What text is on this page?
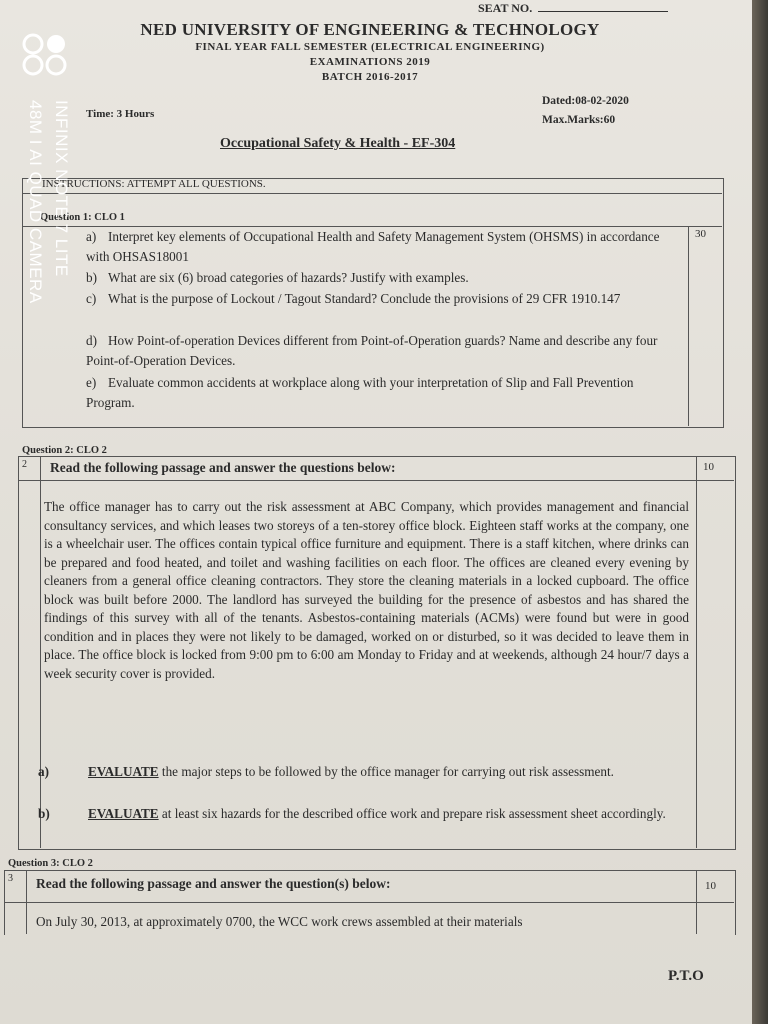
SEAT NO.
NED UNIVERSITY OF ENGINEERING & TECHNOLOGY
FINAL YEAR FALL SEMESTER (ELECTRICAL ENGINEERING)
EXAMINATIONS 2019
BATCH 2016-2017
Time: 3 Hours
Dated:08-02-2020
Max.Marks:60
Occupational Safety & Health - EF-304
INSTRUCTIONS: ATTEMPT ALL QUESTIONS.
Question 1: CLO 1
30
a) Interpret key elements of Occupational Health and Safety Management System (OHSMS) in accordance with OHSAS18001
b) What are six (6) broad categories of hazards? Justify with examples.
c) What is the purpose of Lockout / Tagout Standard? Conclude the provisions of 29 CFR 1910.147
d) How Point-of-operation Devices different from Point-of-Operation guards? Name and describe any four Point-of-Operation Devices.
e) Evaluate common accidents at workplace along with your interpretation of Slip and Fall Prevention Program.
Question 2: CLO 2
2 Read the following passage and answer the questions below:	10
The office manager has to carry out the risk assessment at ABC Company, which provides management and financial consultancy services, and which leases two storeys of a ten-storey office block. Eighteen staff works at the company, one is a wheelchair user. The offices contain typical office furniture and equipment. There is a staff kitchen, where drinks can be prepared and food heated, and toilet and washing facilities on each floor. The offices are cleaned every evening by cleaners from a general office cleaning contractors. They store the cleaning materials in a locked cupboard. The office block was built before 2000. The landlord has surveyed the building for the presence of asbestos and has shared the findings of this survey with all of the tenants. Asbestos-containing materials (ACMs) were found but were in good condition and in places they were not likely to be damaged, worked on or disturbed, so it was decided to leave them in place. The office block is locked from 9:00 pm to 6:00 am Monday to Friday and at weekends, although 24 hour/7 days a week security cover is provided.
a)	EVALUATE the major steps to be followed by the office manager for carrying out risk assessment.
b)	EVALUATE at least six hazards for the described office work and prepare risk assessment sheet accordingly.
Question 3: CLO 2
3 Read the following passage and answer the question(s) below:	10
On July 30, 2013, at approximately 0700, the WCC work crews assembled at their materials
P.T.O
INFINIX NOTE 7 LITE
48M I AI QUAD CAMERA
